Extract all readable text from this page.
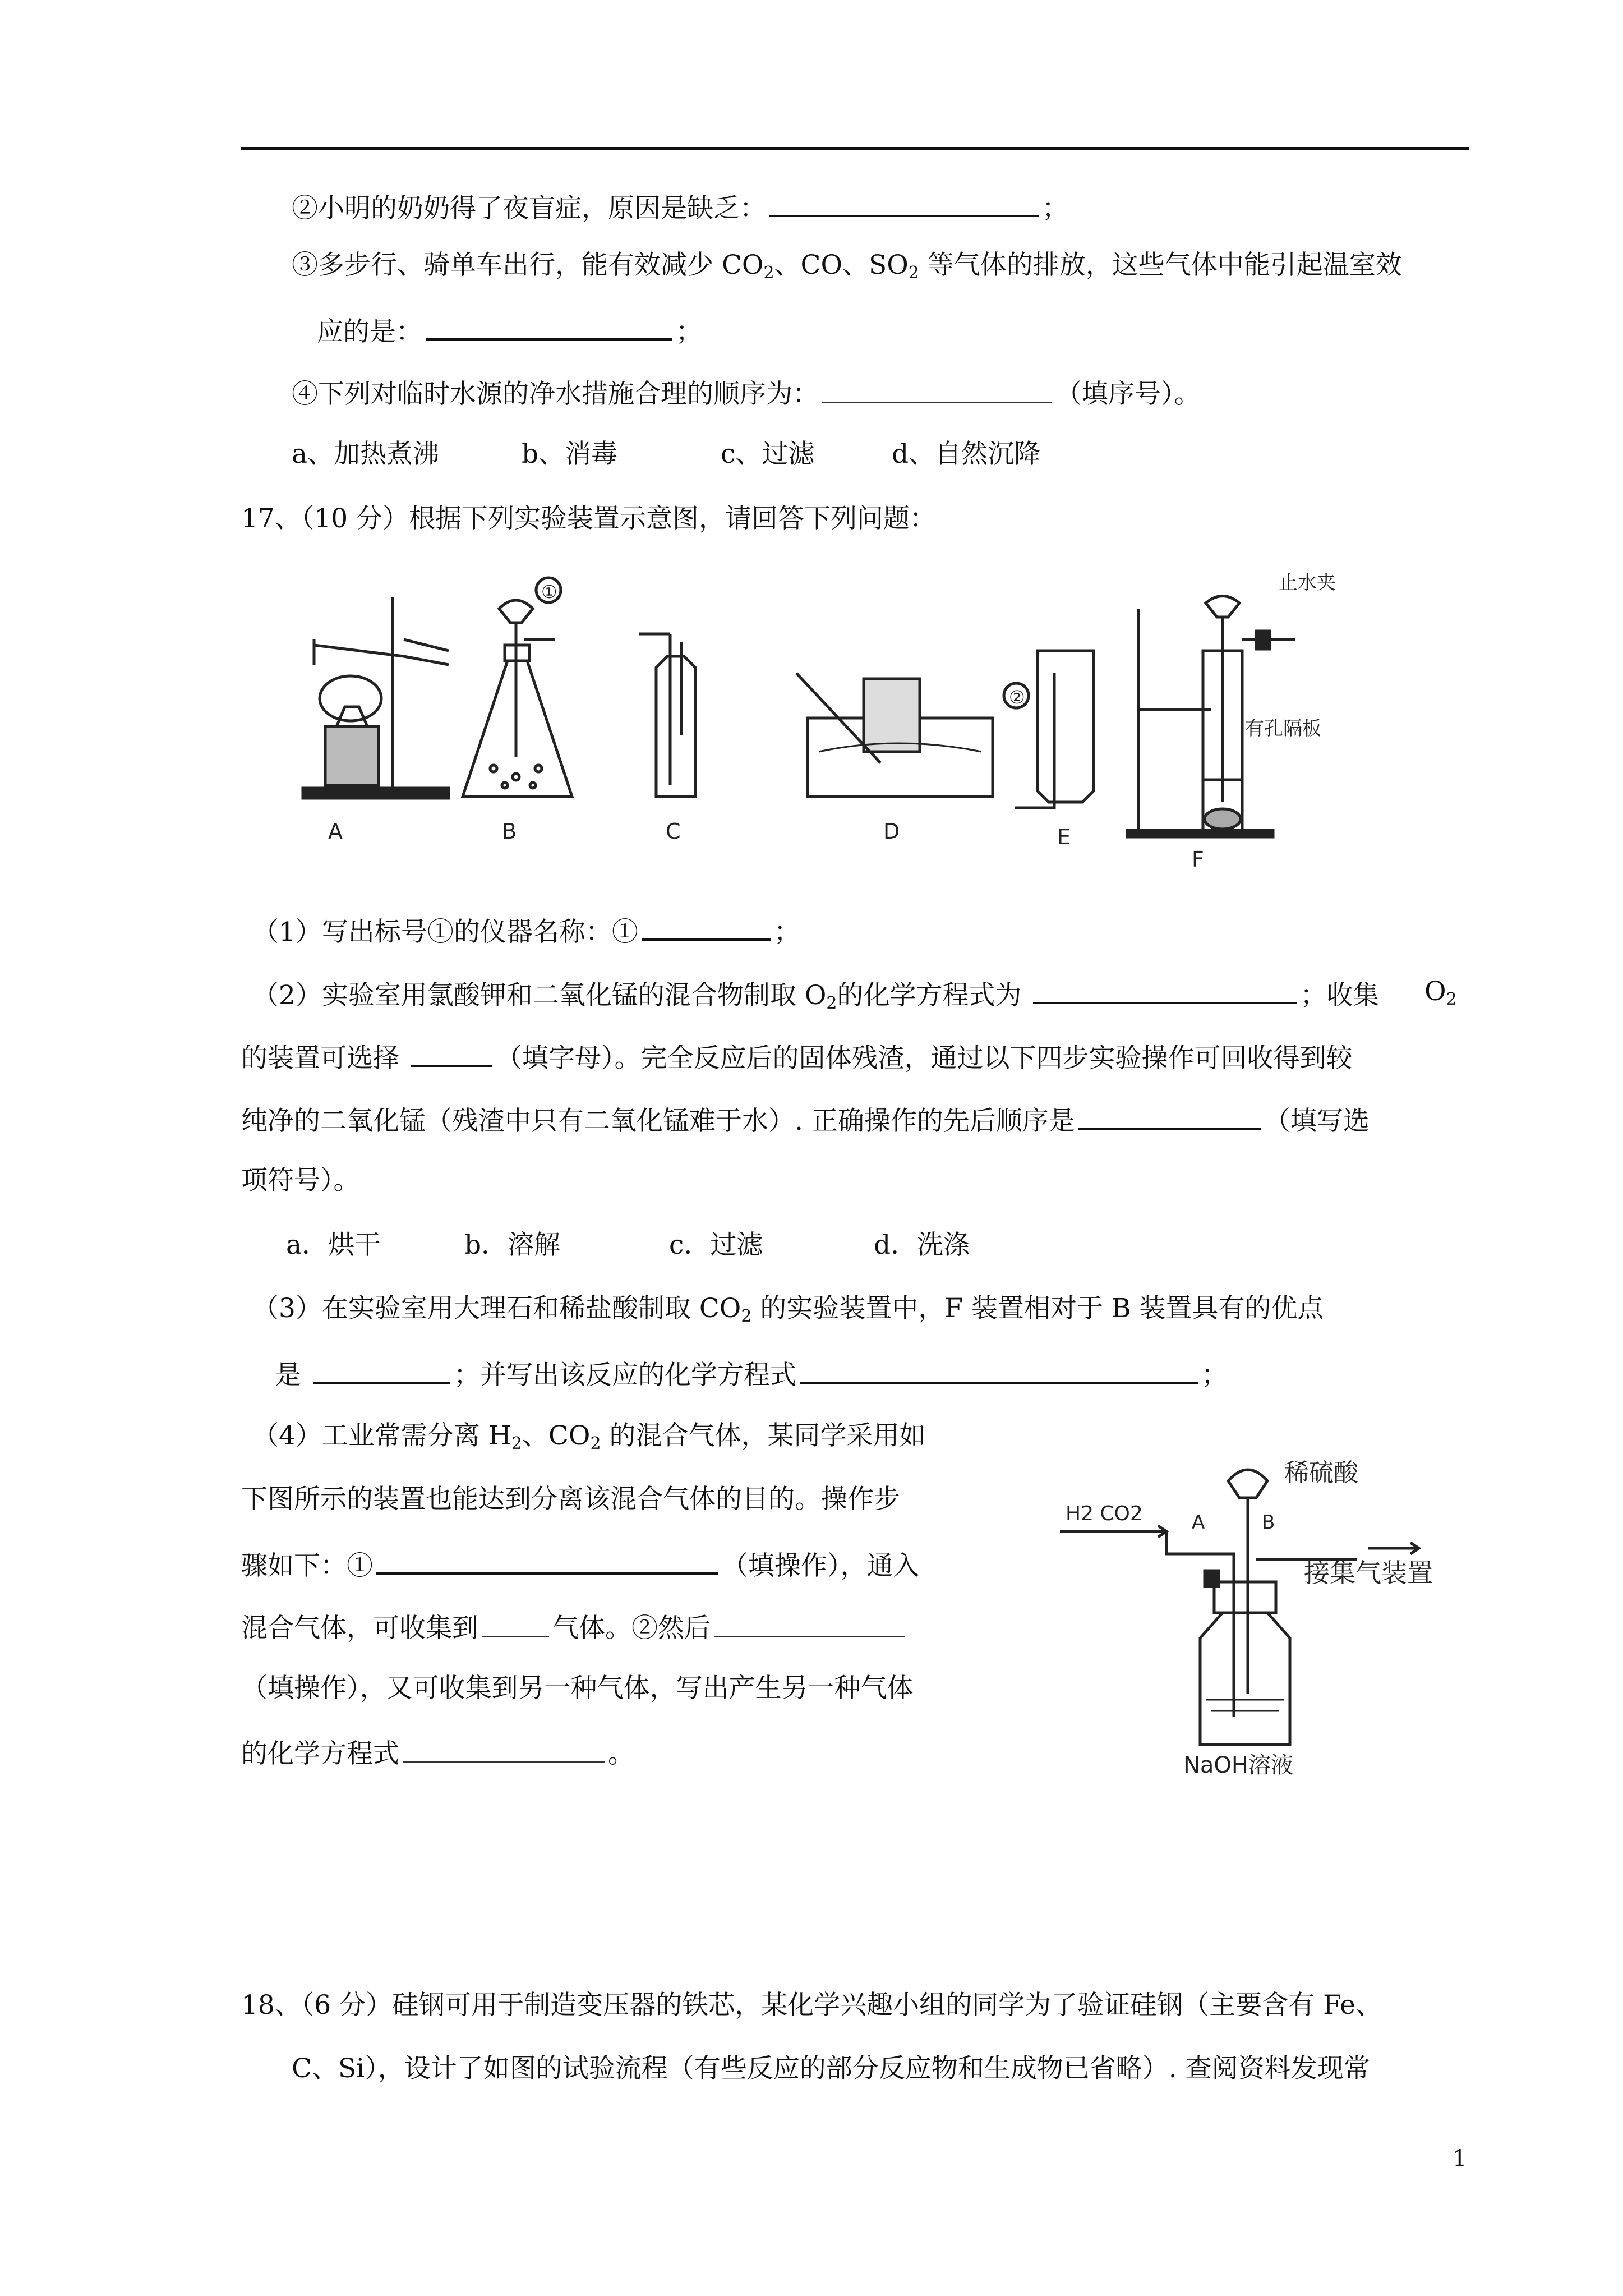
②小明的奶奶得了夜盲症，原因是缺乏：	；
③多步行、骑单车出行，能有效减少 $CO_2$、CO、$SO_2$ 等气体的排放，这些气体中能引起温室效
应的是：	；
④下列对临时水源的净水措施合理的顺序为：	（填序号）。
a、加热煮沸	b、消毒	c、过滤	d、自然沉降
17、（10 分）根据下列实验装置示意图，请回答下列问题：
A
①
B	C
②
D	E
止水夹
有孔隔板
F
（1）写出标号①的仪器名称：①	；
（2）实验室用氯酸钾和二氧化锰的混合物制取 $O_2$的化学方程式为	；收集 $O_2$
的装置可选择	（填字母）。完全反应后的固体残渣，通过以下四步实验操作可回收得到较
纯净的二氧化锰（残渣中只有二氧化锰难于水）. 正确操作的先后顺序是	（填写选
项符号）。
a．烘干	b．溶解	c．过滤	d．洗涤
（3）在实验室用大理石和稀盐酸制取 $CO_2$ 的实验装置中，F 装置相对于 B 装置具有的优点
是	；并写出该反应的化学方程式	；
（4）工业常需分离 $H_2$、$CO_2$ 的混合气体，某同学采用如
下图所示的装置也能达到分离该混合气体的目的。操作步
骤如下：①	（填操作），通入
混合气体，可收集到	气体。②然后
（填操作），又可收集到另一种气体，写出产生另一种气体
的化学方程式	。
稀硫酸
H2 CO2	A	B
接集气装置
NaOH溶液
18、（6 分）硅钢可用于制造变压器的铁芯，某化学兴趣小组的同学为了验证硅钢（主要含有 Fe、
C、Si），设计了如图的试验流程（有些反应的部分反应物和生成物已省略）. 查阅资料发现常
1
